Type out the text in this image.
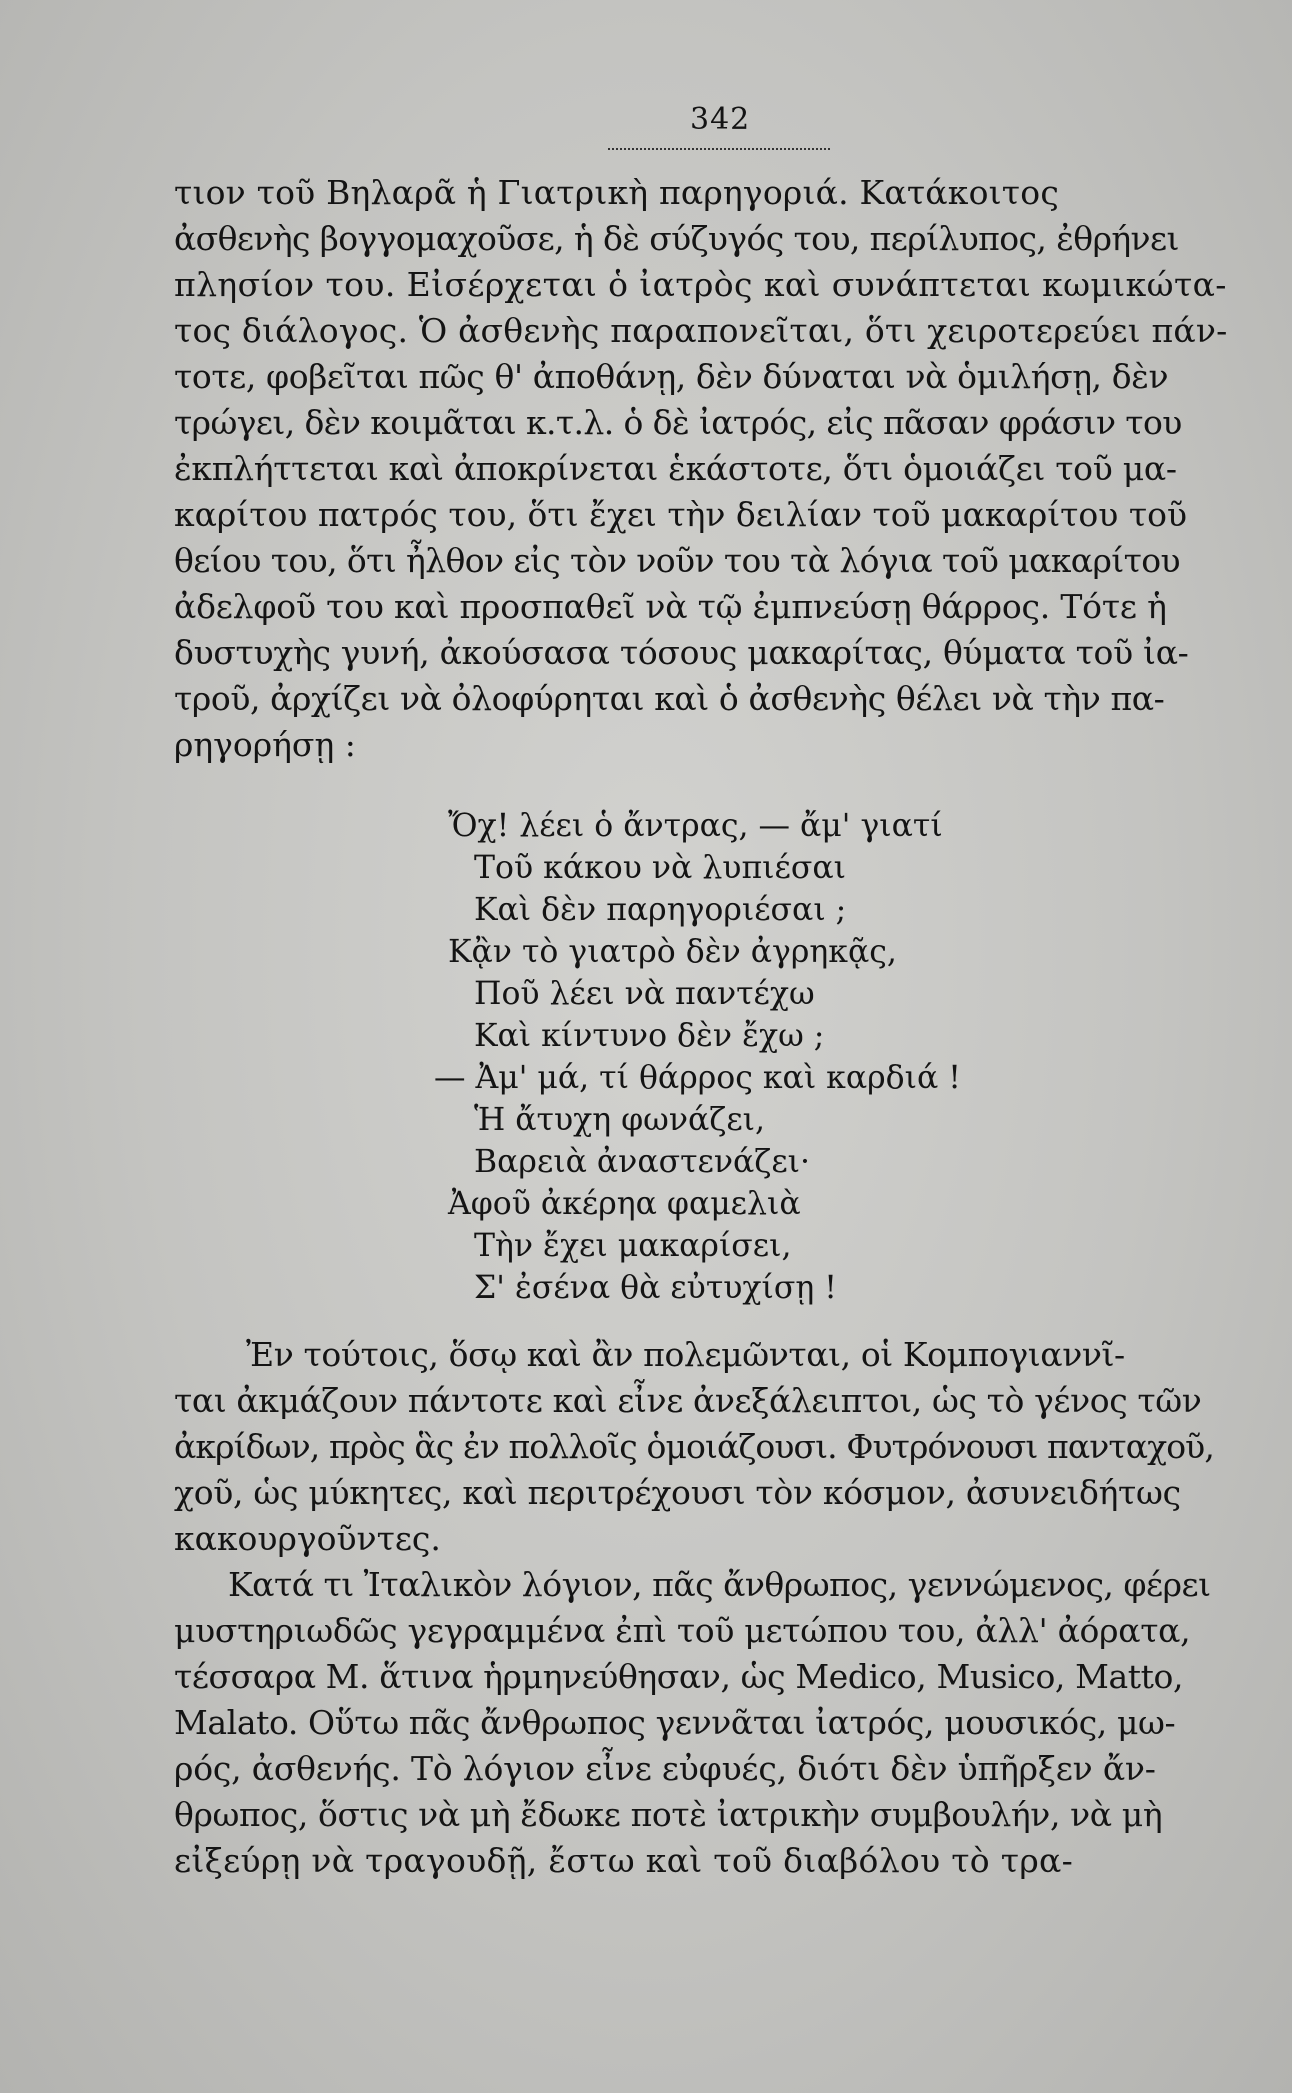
342
τιον τοῦ Βηλαρᾶ ἡ Γιατρικὴ παρηγοριά. Κατάκοιτος
ἀσθενὴς βογγομαχοῦσε, ἡ δὲ σύζυγός του, περίλυπος, ἐθρήνει
πλησίον του. Εἰσέρχεται ὁ ἰατρὸς καὶ συνάπτεται κωμικώτα-
τος διάλογος. Ὁ ἀσθενὴς παραπονεῖται, ὅτι χειροτερεύει πάν-
τοτε, φοβεῖται πῶς θ' ἀποθάνῃ, δὲν δύναται νὰ ὁμιλήσῃ, δὲν
τρώγει, δὲν κοιμᾶται κ.τ.λ. ὁ δὲ ἰατρός, εἰς πᾶσαν φράσιν του
ἐκπλήττεται καὶ ἀποκρίνεται ἑκάστοτε, ὅτι ὁμοιάζει τοῦ μα-
καρίτου πατρός του, ὅτι ἔχει τὴν δειλίαν τοῦ μακαρίτου τοῦ
θείου του, ὅτι ἦλθον εἰς τὸν νοῦν του τὰ λόγια τοῦ μακαρίτου
ἀδελφοῦ του καὶ προσπαθεῖ νὰ τῷ ἐμπνεύσῃ θάρρος. Τότε ἡ
δυστυχὴς γυνή, ἀκούσασα τόσους μακαρίτας, θύματα τοῦ ἰα-
τροῦ, ἀρχίζει νὰ ὀλοφύρηται καὶ ὁ ἀσθενὴς θέλει νὰ τὴν πα-
ρηγορήσῃ :
Ὄχ! λέει ὁ ἄντρας, — ἄμ' γιατί
Τοῦ κάκου νὰ λυπιέσαι
Καὶ δὲν παρηγοριέσαι ;
Κᾂν τὸ γιατρὸ δὲν ἀγρηκᾷς,
Ποῦ λέει νὰ παντέχω
Καὶ κίντυνο δὲν ἔχω ;
— Ἀμ' μά, τί θάρρος καὶ καρδιά !
Ἡ ἄτυχη φωνάζει,
Βαρειὰ ἀναστενάζει·
Ἀφοῦ ἀκέρηα φαμελιὰ
Τὴν ἔχει μακαρίσει,
Σ' ἐσένα θὰ εὐτυχίσῃ !
Ἐν τούτοις, ὅσῳ καὶ ἂν πολεμῶνται, οἱ Κομπογιαννῖ-
ται ἀκμάζουν πάντοτε καὶ εἶνε ἀνεξάλειπτοι, ὡς τὸ γένος τῶν
ἀκρίδων, πρὸς ἃς ἐν πολλοῖς ὁμοιάζουσι. Φυτρόνουσι πανταχοῦ,
χοῦ, ὡς μύκητες, καὶ περιτρέχουσι τὸν κόσμον, ἀσυνειδήτως
κακουργοῦντες.
Κατά τι Ἰταλικὸν λόγιον, πᾶς ἄνθρωπος, γεννώμενος, φέρει
μυστηριωδῶς γεγραμμένα ἐπὶ τοῦ μετώπου του, ἀλλ' ἀόρατα,
τέσσαρα M. ἅτινα ἡρμηνεύθησαν, ὡς Medico, Musico, Matto,
Malato. Οὕτω πᾶς ἄνθρωπος γεννᾶται ἰατρός, μουσικός, μω-
ρός, ἀσθενής. Τὸ λόγιον εἶνε εὐφυές, διότι δὲν ὑπῆρξεν ἄν-
θρωπος, ὅστις νὰ μὴ ἔδωκε ποτὲ ἰατρικὴν συμβουλήν, νὰ μὴ
εἰξεύρῃ νὰ τραγουδῇ, ἔστω καὶ τοῦ διαβόλου τὸ τρα-
